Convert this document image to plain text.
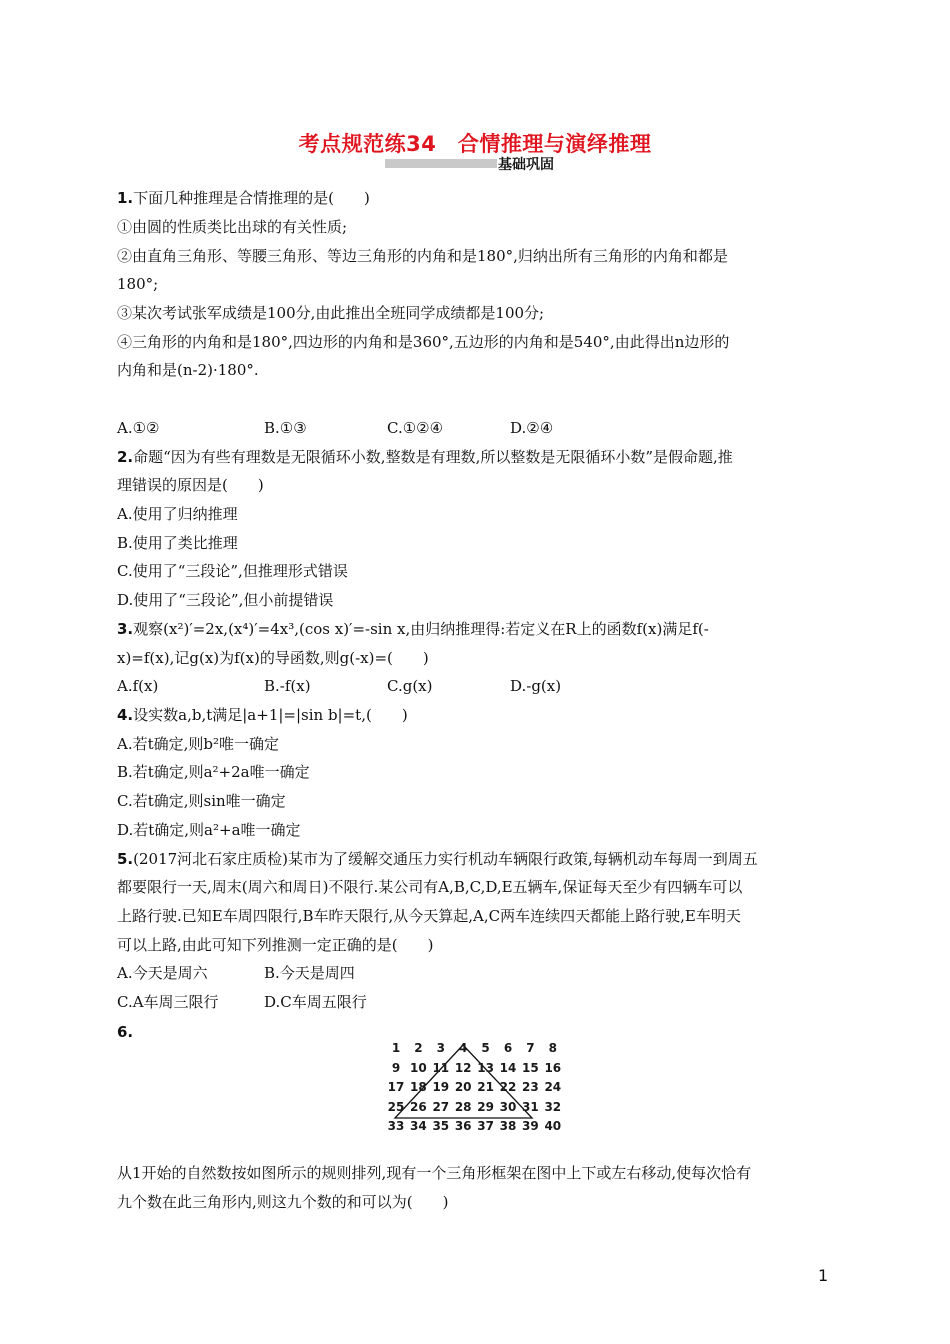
考点规范练34　合情推理与演绎推理
基础巩固
1.下面几种推理是合情推理的是(　　)
①由圆的性质类比出球的有关性质;
②由直角三角形、等腰三角形、等边三角形的内角和是180°,归纳出所有三角形的内角和都是
180°;
③某次考试张军成绩是100分,由此推出全班同学成绩都是100分;
④三角形的内角和是180°,四边形的内角和是360°,五边形的内角和是540°,由此得出n边形的
内角和是(n-2)·180°.
A.①②	B.①③	C.①②④	D.②④
2.命题“因为有些有理数是无限循环小数,整数是有理数,所以整数是无限循环小数”是假命题,推
理错误的原因是(　　)
A.使用了归纳推理
B.使用了类比推理
C.使用了“三段论”,但推理形式错误
D.使用了“三段论”,但小前提错误
3.观察(x²)′=2x,(x⁴)′=4x³,(cos x)′=-sin x,由归纳推理得:若定义在R上的函数f(x)满足f(-
x)=f(x),记g(x)为f(x)的导函数,则g(-x)=(　　)
A.f(x)	B.-f(x)	C.g(x)	D.-g(x)
4.设实数a,b,t满足|a+1|=|sin b|=t,(　　)
A.若t确定,则b²唯一确定
B.若t确定,则a²+2a唯一确定
C.若t确定,则sin唯一确定
D.若t确定,则a²+a唯一确定
5.(2017河北石家庄质检)某市为了缓解交通压力实行机动车辆限行政策,每辆机动车每周一到周五
都要限行一天,周末(周六和周日)不限行.某公司有A,B,C,D,E五辆车,保证每天至少有四辆车可以
上路行驶.已知E车周四限行,B车昨天限行,从今天算起,A,C两车连续四天都能上路行驶,E车明天
可以上路,由此可知下列推测一定正确的是(　　)
A.今天是周六	B.今天是周四
C.A车周三限行	D.C车周五限行
6.
1	2	3	4	5	6	7	8
9 10 11 12 13 14 15 16
17 18 19 20 21 22 23 24
25 26 27 28 29 30 31 32
33 34 35 36 37 38 39 40
从1开始的自然数按如图所示的规则排列,现有一个三角形框架在图中上下或左右移动,使每次恰有
九个数在此三角形内,则这九个数的和可以为(　　)
1
